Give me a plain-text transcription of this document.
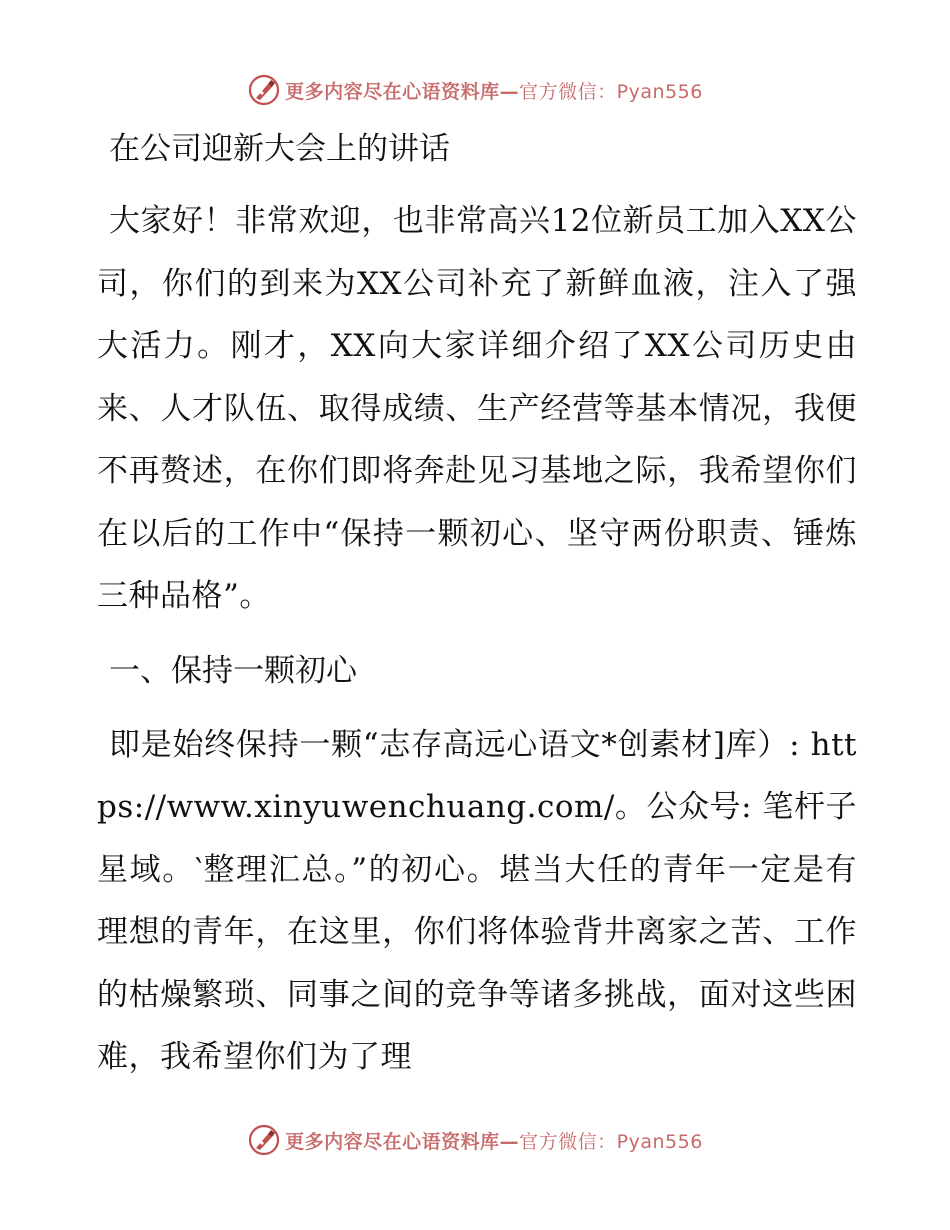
更多内容尽在心语资料库—官方微信：Pyan556
在公司迎新大会上的讲话

大家好！非常欢迎，也非常高兴12位新员工加入XX公司，你们的到来为XX公司补充了新鲜血液，注入了强大活力。刚才，XX向大家详细介绍了XX公司历史由来、人才队伍、取得成绩、生产经营等基本情况，我便不再赘述，在你们即将奔赴见习基地之际，我希望你们在以后的工作中“保持一颗初心、坚守两份职责、锤炼三种品格”。

一、保持一颗初心

即是始终保持一颗“志存高远心语文*创素材]库）: https://www.xinyuwenchuang.com/。公众号: 笔杆子星域。‵整理汇总。”的初心。堪当大任的青年一定是有理想的青年，在这里，你们将体验背井离家之苦、工作的枯燥繁琐、同事之间的竞争等诸多挑战，面对这些困难，我希望你们为了理

更多内容尽在心语资料库—官方微信：Pyan556
